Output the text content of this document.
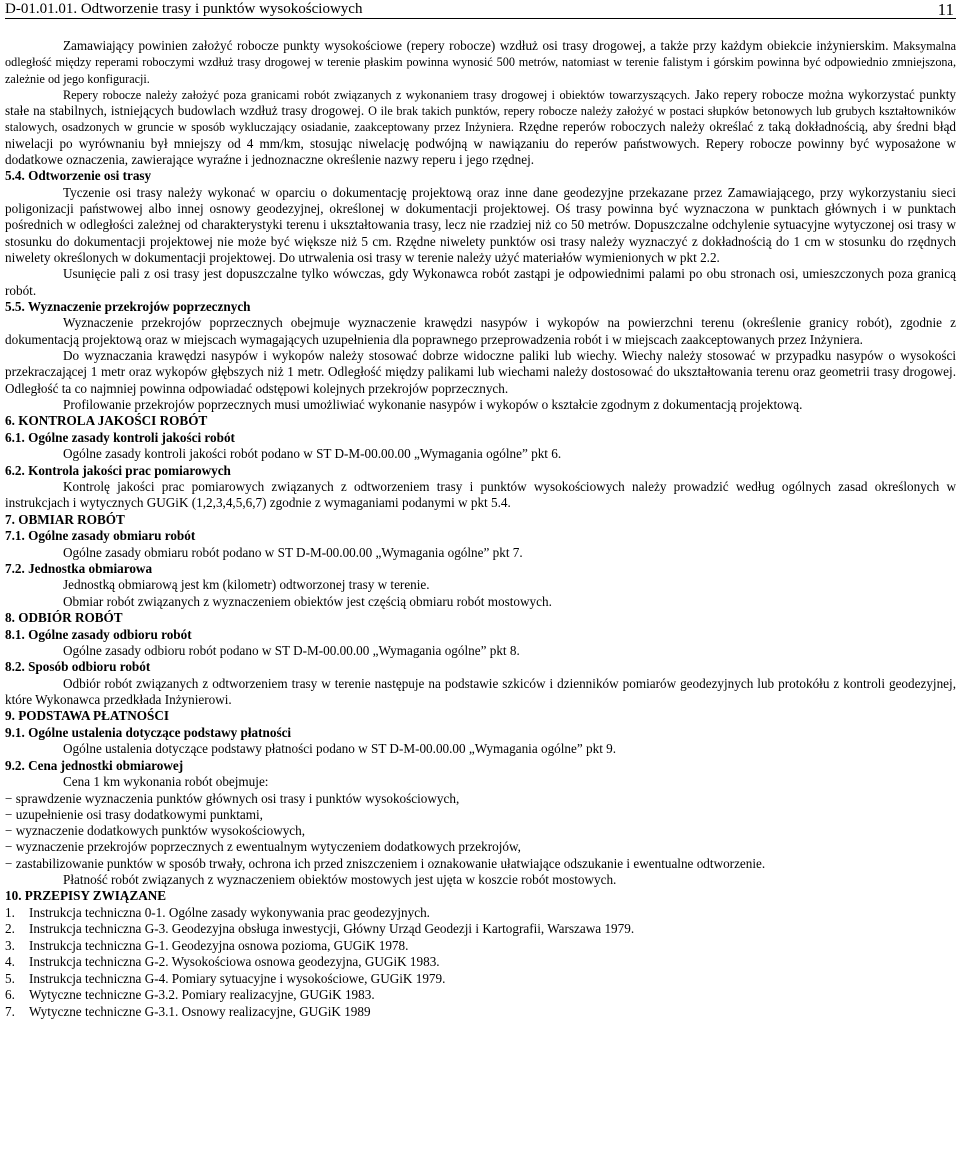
D-01.01.01. Odtworzenie trasy i punktów wysokościowych	11

Zamawiający powinien założyć robocze punkty wysokościowe (repery robocze) wzdłuż osi trasy drogowej, a także przy każdym obiekcie inżynierskim. Maksymalna odległość między reperami roboczymi wzdłuż trasy drogowej w terenie płaskim powinna wynosić 500 metrów, natomiast w terenie falistym i górskim powinna być odpowiednio zmniejszona, zależnie od jego konfiguracji.

Repery robocze należy założyć poza granicami robót związanych z wykonaniem trasy drogowej i obiektów towarzyszących. Jako repery robocze można wykorzystać punkty stałe na stabilnych, istniejących budowlach wzdłuż trasy drogowej. O ile brak takich punktów, repery robocze należy założyć w postaci słupków betonowych lub grubych kształtowników stalowych, osadzonych w gruncie w sposób wykluczający osiadanie, zaakceptowany przez Inżyniera. Rzędne reperów roboczych należy określać z taką dokładnością, aby średni błąd niwelacji po wyrównaniu był mniejszy od 4 mm/km, stosując niwelację podwójną w nawiązaniu do reperów państwowych. Repery robocze powinny być wyposażone w dodatkowe oznaczenia, zawierające wyraźne i jednoznaczne określenie nazwy reperu i jego rzędnej.

5.4. Odtworzenie osi trasy

Tyczenie osi trasy należy wykonać w oparciu o dokumentację projektową oraz inne dane geodezyjne przekazane przez Zamawiającego, przy wykorzystaniu sieci poligonizacji państwowej albo innej osnowy geodezyjnej, określonej w dokumentacji projektowej. Oś trasy powinna być wyznaczona w punktach głównych i w punktach pośrednich w odległości zależnej od charakterystyki terenu i ukształtowania trasy, lecz nie rzadziej niż co 50 metrów. Dopuszczalne odchylenie sytuacyjne wytyczonej osi trasy w stosunku do dokumentacji projektowej nie może być większe niż 5 cm. Rzędne niwelety punktów osi trasy należy wyznaczyć z dokładnością do 1 cm w stosunku do rzędnych niwelety określonych w dokumentacji projektowej. Do utrwalenia osi trasy w terenie należy użyć materiałów wymienionych w pkt 2.2.

Usunięcie pali z osi trasy jest dopuszczalne tylko wówczas, gdy Wykonawca robót zastąpi je odpowiednimi palami po obu stronach osi, umieszczonych poza granicą robót.

5.5. Wyznaczenie przekrojów poprzecznych

Wyznaczenie przekrojów poprzecznych obejmuje wyznaczenie krawędzi nasypów i wykopów na powierzchni terenu (określenie granicy robót), zgodnie z dokumentacją projektową oraz w miejscach wymagających uzupełnienia dla poprawnego przeprowadzenia robót i w miejscach zaakceptowanych przez Inżyniera.

Do wyznaczania krawędzi nasypów i wykopów należy stosować dobrze widoczne paliki lub wiechy. Wiechy należy stosować w przypadku nasypów o wysokości przekraczającej 1 metr oraz wykopów głębszych niż 1 metr. Odległość między palikami lub wiechami należy dostosować do ukształtowania terenu oraz geometrii trasy drogowej. Odległość ta co najmniej powinna odpowiadać odstępowi kolejnych przekrojów poprzecznych.

Profilowanie przekrojów poprzecznych musi umożliwiać wykonanie nasypów i wykopów o kształcie zgodnym z dokumentacją projektową.

6. KONTROLA JAKOŚCI ROBÓT
6.1. Ogólne zasady kontroli jakości robót

Ogólne zasady kontroli jakości robót podano w ST D-M-00.00.00 „Wymagania ogólne” pkt 6.

6.2. Kontrola jakości prac pomiarowych

Kontrolę jakości prac pomiarowych związanych z odtworzeniem trasy i punktów wysokościowych należy prowadzić według ogólnych zasad określonych w instrukcjach i wytycznych GUGiK (1,2,3,4,5,6,7) zgodnie z wymaganiami podanymi w pkt 5.4.

7. OBMIAR ROBÓT
7.1. Ogólne zasady obmiaru robót

Ogólne zasady obmiaru robót podano w ST D-M-00.00.00 „Wymagania ogólne” pkt 7.

7.2. Jednostka obmiarowa

Jednostką obmiarową jest km (kilometr) odtworzonej trasy w terenie.

Obmiar robót związanych z wyznaczeniem obiektów jest częścią obmiaru robót mostowych.

8. ODBIÓR ROBÓT
8.1. Ogólne zasady odbioru robót

Ogólne zasady odbioru robót podano w ST D-M-00.00.00 „Wymagania ogólne” pkt 8.

8.2. Sposób odbioru robót

Odbiór robót związanych z odtworzeniem trasy w terenie następuje na podstawie szkiców i dzienników pomiarów geodezyjnych lub protokółu z kontroli geodezyjnej, które Wykonawca przedkłada Inżynierowi.

9. PODSTAWA PŁATNOŚCI
9.1. Ogólne ustalenia dotyczące podstawy płatności

Ogólne ustalenia dotyczące podstawy płatności podano w ST D-M-00.00.00 „Wymagania ogólne” pkt 9.

9.2. Cena jednostki obmiarowej

Cena 1 km wykonania robót obejmuje:

− sprawdzenie wyznaczenia punktów głównych osi trasy i punktów wysokościowych,
− uzupełnienie osi trasy dodatkowymi punktami,
− wyznaczenie dodatkowych punktów wysokościowych,
− wyznaczenie przekrojów poprzecznych z ewentualnym wytyczeniem dodatkowych przekrojów,
− zastabilizowanie punktów w sposób trwały, ochrona ich przed zniszczeniem i oznakowanie ułatwiające odszukanie i ewentualne odtworzenie.

Płatność robót związanych z wyznaczeniem obiektów mostowych jest ujęta w koszcie robót mostowych.

10. PRZEPISY ZWIĄZANE
1. Instrukcja techniczna 0-1. Ogólne zasady wykonywania prac geodezyjnych.
2. Instrukcja techniczna G-3. Geodezyjna obsługa inwestycji, Główny Urząd Geodezji i Kartografii, Warszawa 1979.
3. Instrukcja techniczna G-1. Geodezyjna osnowa pozioma, GUGiK 1978.
4. Instrukcja techniczna G-2. Wysokościowa osnowa geodezyjna, GUGiK 1983.
5. Instrukcja techniczna G-4. Pomiary sytuacyjne i wysokościowe, GUGiK 1979.
6. Wytyczne techniczne G-3.2. Pomiary realizacyjne, GUGiK 1983.
7. Wytyczne techniczne G-3.1. Osnowy realizacyjne, GUGiK 1989
